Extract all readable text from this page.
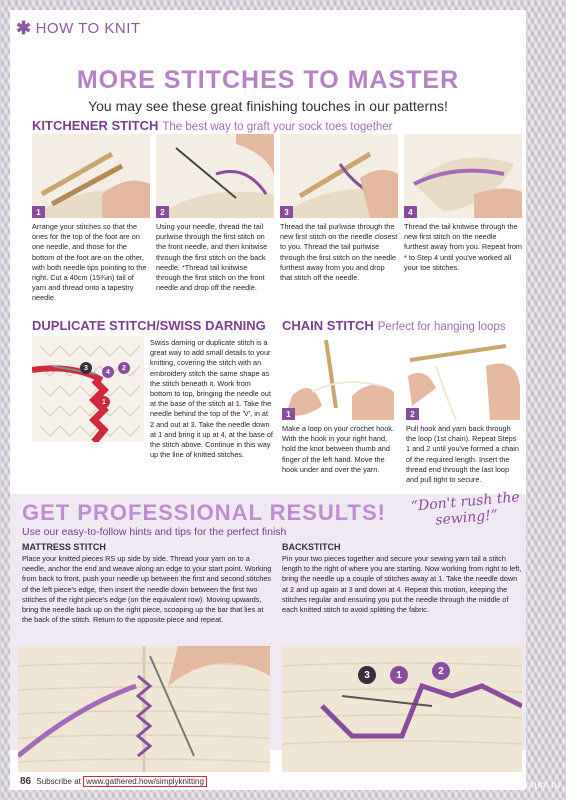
✱ HOW TO KNIT
MORE STITCHES TO MASTER
You may see these great finishing touches in our patterns!
KITCHENER STITCH The best way to graft your sock toes together
1	2	3	4
Arrange your stitches so that the ones for the top of the foot are on one needle, and those for the bottom of the foot are on the other, with both needle tips pointing to the right. Cut a 40cm (15¾in) tail of yarn and thread onto a tapestry needle.
Using your needle, thread the tail purlwise through the first stitch on the front needle, and then knitwise through the first stitch on the back needle. *Thread tail knitwise through the first stitch on the front needle and drop off the needle.
Thread the tail purlwise through the new first stitch on the needle closest to you. Thread the tail purlwise through the first stitch on the needle furthest away from you and drop that stitch off the needle.
Thread the tail knitwise through the new first stitch on the needle furthest away from you. Repeat from * to Step 4 until you've worked all your toe stitches.
DUPLICATE STITCH/SWISS DARNING
3
4
2
1
Swiss darning or duplicate stitch is a great way to add small details to your knitting, covering the stitch with an embroidery stitch the same shape as the stitch beneath it. Work from bottom to top, bringing the needle out at the base of the stitch at 1. Take the needle behind the top of the 'V', in at 2 and out at 3. Take the needle down at 1 and bring it up at 4, at the base of the stitch above. Continue in this way up the line of knitted stitches.
CHAIN STITCH Perfect for hanging loops
1	2
Make a loop on your crochet hook. With the hook in your right hand, hold the knot between thumb and finger of the left hand. Move the hook under and over the yarn.
Pull hook and yarn back through the loop (1st chain). Repeat Steps 1 and 2 until you've formed a chain of the required length. Insert the thread end through the last loop and pull tight to secure.
GET PROFESSIONAL RESULTS!	“Don't rush the sewing!”
Use our easy-to-follow hints and tips for the perfect finish
MATTRESS STITCH
Place your knitted pieces RS up side by side. Thread your yarn on to a needle, anchor the end and weave along an edge to your start point. Working from back to front, push your needle up between the first and second stitches of the left piece's edge, then insert the needle down between the first two stitches of the right piece's edge (on the equivalent row). Moving upwards, bring the needle back up on the right piece, scooping up the bar that lies at the back of the stitch. Return to the opposite piece and repeat.
BACKSTITCH
Pin your two pieces together and secure your sewing yarn tail a stitch length to the right of where you are starting. Now working from right to left, bring the needle up a couple of stitches away at 1. Take the needle down at 2 and up again at 3 and down at 4. Repeat this motion, keeping the stitches regular and ensuring you put the needle through the middle of each knitted stitch to avoid splitting the fabric.
3	1	2
86 Subscribe at www.gathered.how/simplyknitting	PassionForum.ru
